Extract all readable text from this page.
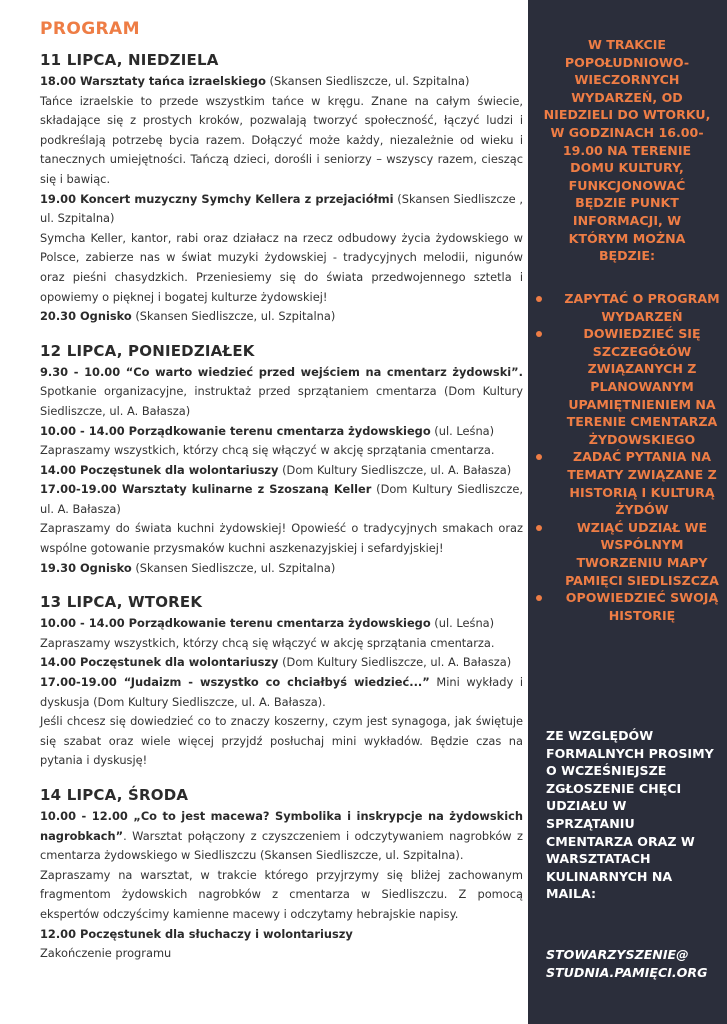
PROGRAM
11 LIPCA, NIEDZIELA

18.00 Warsztaty tańca izraelskiego (Skansen Siedliszcze, ul. Szpitalna)

Tańce izraelskie to przede wszystkim tańce w kręgu. Znane na całym świecie, składające się z prostych kroków, pozwalają tworzyć społeczność, łączyć ludzi i podkreślają potrzebę bycia razem. Dołączyć może każdy, niezależnie od wieku i tanecznych umiejętności. Tańczą dzieci, dorośli i seniorzy – wszyscy razem, ciesząc się i bawiąc.

19.00 Koncert muzyczny Symchy Kellera z przejaciółmi (Skansen Siedliszcze , ul. Szpitalna)

Symcha Keller, kantor, rabi oraz działacz na rzecz odbudowy życia żydowskiego w Polsce, zabierze nas w świat muzyki żydowskiej - tradycyjnych melodii, nigunów oraz pieśni chasydzkich. Przeniesiemy się do świata przedwojennego sztetla i opowiemy o pięknej i bogatej kulturze żydowskiej!

20.30 Ognisko (Skansen Siedliszcze, ul. Szpitalna)

12 LIPCA, PONIEDZIAŁEK

9.30 - 10.00 “Co warto wiedzieć przed wejściem na cmentarz żydowski”. Spotkanie organizacyjne, instruktaż przed sprzątaniem cmentarza (Dom Kultury Siedliszcze, ul. A. Bałasza)

10.00 - 14.00 Porządkowanie terenu cmentarza żydowskiego (ul. Leśna)

Zapraszamy wszystkich, którzy chcą się włączyć w akcję sprzątania cmentarza.

14.00 Poczęstunek dla wolontariuszy (Dom Kultury Siedliszcze, ul. A. Bałasza)

17.00-19.00 Warsztaty kulinarne z Szoszaną Keller (Dom Kultury Siedliszcze, ul. A. Bałasza)

Zapraszamy do świata kuchni żydowskiej! Opowieść o tradycyjnych smakach oraz wspólne gotowanie przysmaków kuchni aszkenazyjskiej i sefardyjskiej!

19.30 Ognisko (Skansen Siedliszcze, ul. Szpitalna)

13 LIPCA, WTOREK

10.00 - 14.00 Porządkowanie terenu cmentarza żydowskiego (ul. Leśna)

Zapraszamy wszystkich, którzy chcą się włączyć w akcję sprzątania cmentarza.

14.00 Poczęstunek dla wolontariuszy (Dom Kultury Siedliszcze, ul. A. Bałasza)

17.00-19.00 “Judaizm - wszystko co chciałbyś wiedzieć...” Mini wykłady i dyskusja (Dom Kultury Siedliszcze, ul. A. Bałasza).

Jeśli chcesz się dowiedzieć co to znaczy koszerny, czym jest synagoga, jak świętuje się szabat oraz wiele więcej przyjdź posłuchaj mini wykładów. Będzie czas na pytania i dyskusję!

14 LIPCA, ŚRODA

10.00 - 12.00 „Co to jest macewa? Symbolika i inskrypcje na żydowskich nagrobkach”. Warsztat połączony z czyszczeniem i odczytywaniem nagrobków z cmentarza żydowskiego w Siedliszczu (Skansen Siedliszcze, ul. Szpitalna).

Zapraszamy na warsztat, w trakcie którego przyjrzymy się bliżej zachowanym fragmentom żydowskich nagrobków z cmentarza w Siedliszczu. Z pomocą ekspertów odczyścimy kamienne macewy i odczytamy hebrajskie napisy.

12.00 Poczęstunek dla słuchaczy i wolontariuszy

Zakończenie programu

W TRAKCIE POPOŁUDNIOWO-WIECZORNYCH WYDARZEŃ, OD NIEDZIELI DO WTORKU, W GODZINACH 16.00-19.00 NA TERENIE DOMU KULTURY, FUNKCJONOWAĆ BĘDZIE PUNKT INFORMACJI, W KTÓRYM MOŻNA BĘDZIE:
ZAPYTAĆ O PROGRAM WYDARZEŃ
DOWIEDZIEĆ SIĘ SZCZEGÓŁÓW ZWIĄZANYCH Z PLANOWANYM UPAMIĘTNIENIEM NA TERENIE CMENTARZA ŻYDOWSKIEGO
ZADAĆ PYTANIA NA TEMATY ZWIĄZANE Z HISTORIĄ I KULTURĄ ŻYDÓW
WZIĄĆ UDZIAŁ WE WSPÓLNYM TWORZENIU MAPY PAMIĘCI SIEDLISZCZA
OPOWIEDZIEĆ SWOJĄ HISTORIĘ
ZE WZGLĘDÓW FORMALNYCH PROSIMY O WCZEŚNIEJSZE ZGŁOSZENIE CHĘCI UDZIAŁU W SPRZĄTANIU CMENTARZA ORAZ W WARSZTATACH KULINARNYCH NA MAILA:
STOWARZYSZENIE@ STUDNIA.PAMIĘCI.ORG
